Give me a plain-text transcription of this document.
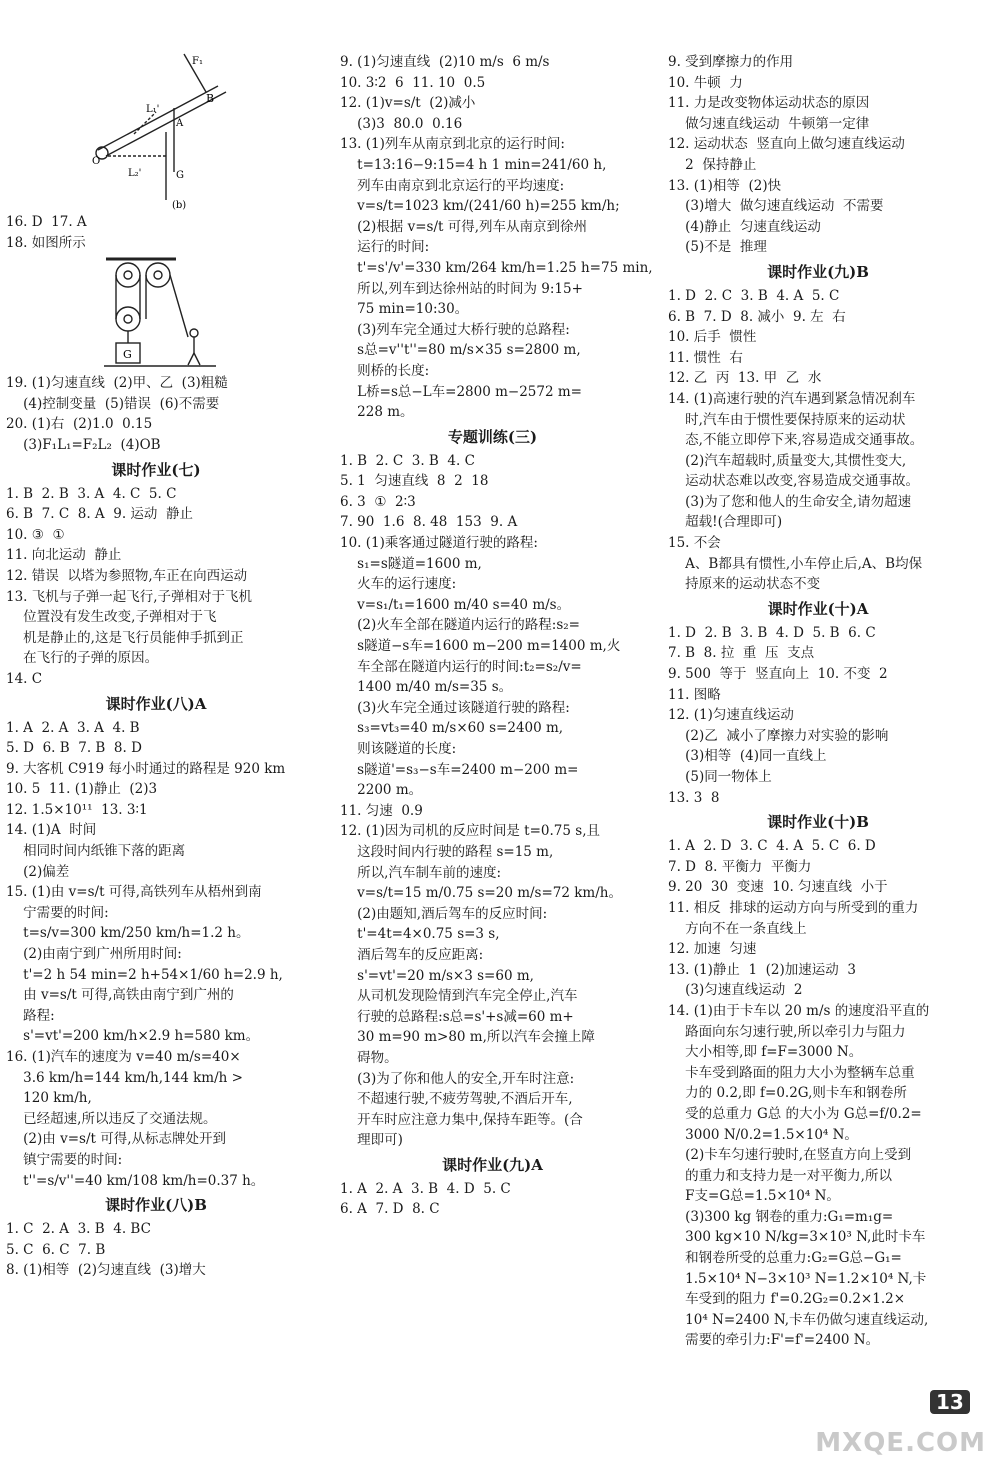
F₁
L₁'
B
A
O
L₂'	G
(b)
16. D  17. A
18. 如图所示
G
19. (1)匀速直线  (2)甲、乙  (3)粗糙
(4)控制变量  (5)错误  (6)不需要
20. (1)右  (2)1.0  0.15
(3)F₁L₁=F₂L₂  (4)OB
课时作业(七)
1. B  2. B  3. A  4. C  5. C
6. B  7. C  8. A  9. 运动  静止
10. ③  ①
11. 向北运动  静止
12. 错误  以塔为参照物,车正在向西运动
13. 飞机与子弹一起飞行,子弹相对于飞机
位置没有发生改变,子弹相对于飞
机是静止的,这是飞行员能伸手抓到正
在飞行的子弹的原因。
14. C
课时作业(八)A
1. A  2. A  3. A  4. B
5. D  6. B  7. B  8. D
9. 大客机 C919 每小时通过的路程是 920 km
10. 5  11. (1)静止  (2)3
12. 1.5×10¹¹  13. 3∶1
14. (1)A  时间
相同时间内纸锥下落的距离
(2)偏差
15. (1)由 v=s/t 可得,高铁列车从梧州到南
宁需要的时间:
t=s/v=300 km/250 km/h=1.2 h。
(2)由南宁到广州所用时间:
t'=2 h 54 min=2 h+54×1/60 h=2.9 h,
由 v=s/t 可得,高铁由南宁到广州的
路程:
s'=vt'=200 km/h×2.9 h=580 km。
16. (1)汽车的速度为 v=40 m/s=40×
3.6 km/h=144 km/h,144 km/h >
120 km/h,
已经超速,所以违反了交通法规。
(2)由 v=s/t 可得,从标志牌处开到
镇宁需要的时间:
t''=s/v''=40 km/108 km/h=0.37 h。
课时作业(八)B
1. C  2. A  3. B  4. BC
5. C  6. C  7. B
8. (1)相等  (2)匀速直线  (3)增大
9. (1)匀速直线  (2)10 m/s  6 m/s
10. 3∶2  6  11. 10  0.5
12. (1)v=s/t  (2)减小
(3)3  80.0  0.16
13. (1)列车从南京到北京的运行时间:
t=13:16−9:15=4 h 1 min=241/60 h,
列车由南京到北京运行的平均速度:
v=s/t=1023 km/(241/60 h)=255 km/h;
(2)根据 v=s/t 可得,列车从南京到徐州
运行的时间:
t'=s'/v'=330 km/264 km/h=1.25 h=75 min,
所以,列车到达徐州站的时间为 9:15+
75 min=10:30。
(3)列车完全通过大桥行驶的总路程:
s总=v''t''=80 m/s×35 s=2800 m,
则桥的长度:
L桥=s总−L车=2800 m−2572 m=
228 m。
专题训练(三)
1. B  2. C  3. B  4. C
5. 1  匀速直线  8  2  18
6. 3  ①  2∶3
7. 90  1.6  8. 48  153  9. A
10. (1)乘客通过隧道行驶的路程:
s₁=s隧道=1600 m,
火车的运行速度:
v=s₁/t₁=1600 m/40 s=40 m/s。
(2)火车全部在隧道内运行的路程:s₂=
s隧道−s车=1600 m−200 m=1400 m,火
车全部在隧道内运行的时间:t₂=s₂/v=
1400 m/40 m/s=35 s。
(3)火车完全通过该隧道行驶的路程:
s₃=vt₃=40 m/s×60 s=2400 m,
则该隧道的长度:
s隧道'=s₃−s车=2400 m−200 m=
2200 m。
11. 匀速  0.9
12. (1)因为司机的反应时间是 t=0.75 s,且
这段时间内行驶的路程 s=15 m,
所以,汽车制车前的速度:
v=s/t=15 m/0.75 s=20 m/s=72 km/h。
(2)由题知,酒后驾车的反应时间:
t'=4t=4×0.75 s=3 s,
酒后驾车的反应距离:
s'=vt'=20 m/s×3 s=60 m,
从司机发现险情到汽车完全停止,汽车
行驶的总路程:s总=s'+s减=60 m+
30 m=90 m>80 m,所以汽车会撞上障
碍物。
(3)为了你和他人的安全,开车时注意:
不超速行驶,不疲劳驾驶,不酒后开车,
开车时应注意力集中,保持车距等。(合
理即可)
课时作业(九)A
1. A  2. A  3. B  4. D  5. C
6. A  7. D  8. C
9. 受到摩擦力的作用
10. 牛顿  力
11. 力是改变物体运动状态的原因
做匀速直线运动  牛顿第一定律
12. 运动状态  竖直向上做匀速直线运动
2  保持静止
13. (1)相等  (2)快
(3)增大  做匀速直线运动  不需要
(4)静止  匀速直线运动
(5)不是  推理
课时作业(九)B
1. D  2. C  3. B  4. A  5. C
6. B  7. D  8. 减小  9. 左  右
10. 后手  惯性
11. 惯性  右
12. 乙  丙  13. 甲  乙  水
14. (1)高速行驶的汽车遇到紧急情况刹车
时,汽车由于惯性要保持原来的运动状
态,不能立即停下来,容易造成交通事故。
(2)汽车超载时,质量变大,其惯性变大,
运动状态难以改变,容易造成交通事故。
(3)为了您和他人的生命安全,请勿超速
超载!(合理即可)
15. 不会
A、B都具有惯性,小车停止后,A、B均保
持原来的运动状态不变
课时作业(十)A
1. D  2. B  3. B  4. D  5. B  6. C
7. B  8. 拉  重  压  支点
9. 500  等于  竖直向上  10. 不变  2
11. 图略
12. (1)匀速直线运动
(2)乙  减小了摩擦力对实验的影响
(3)相等  (4)同一直线上
(5)同一物体上
13. 3  8
课时作业(十)B
1. A  2. D  3. C  4. A  5. C  6. D
7. D  8. 平衡力  平衡力
9. 20  30  变速  10. 匀速直线  小于
11. 相反  排球的运动方向与所受到的重力
方向不在一条直线上
12. 加速  匀速
13. (1)静止  1  (2)加速运动  3
(3)匀速直线运动  2
14. (1)由于卡车以 20 m/s 的速度沿平直的
路面向东匀速行驶,所以牵引力与阻力
大小相等,即 f=F=3000 N。
卡车受到路面的阻力大小为整辆车总重
力的 0.2,即 f=0.2G,则卡车和钢卷所
受的总重力 G总 的大小为 G总=f/0.2=
3000 N/0.2=1.5×10⁴ N。
(2)卡车匀速行驶时,在竖直方向上受到
的重力和支持力是一对平衡力,所以
F支=G总=1.5×10⁴ N。
(3)300 kg 钢卷的重力:G₁=m₁g=
300 kg×10 N/kg=3×10³ N,此时卡车
和钢卷所受的总重力:G₂=G总−G₁=
1.5×10⁴ N−3×10³ N=1.2×10⁴ N,卡
车受到的阻力 f'=0.2G₂=0.2×1.2×
10⁴ N=2400 N,卡车仍做匀速直线运动,
需要的牵引力:F'=f'=2400 N。
13
MXQE.COM
